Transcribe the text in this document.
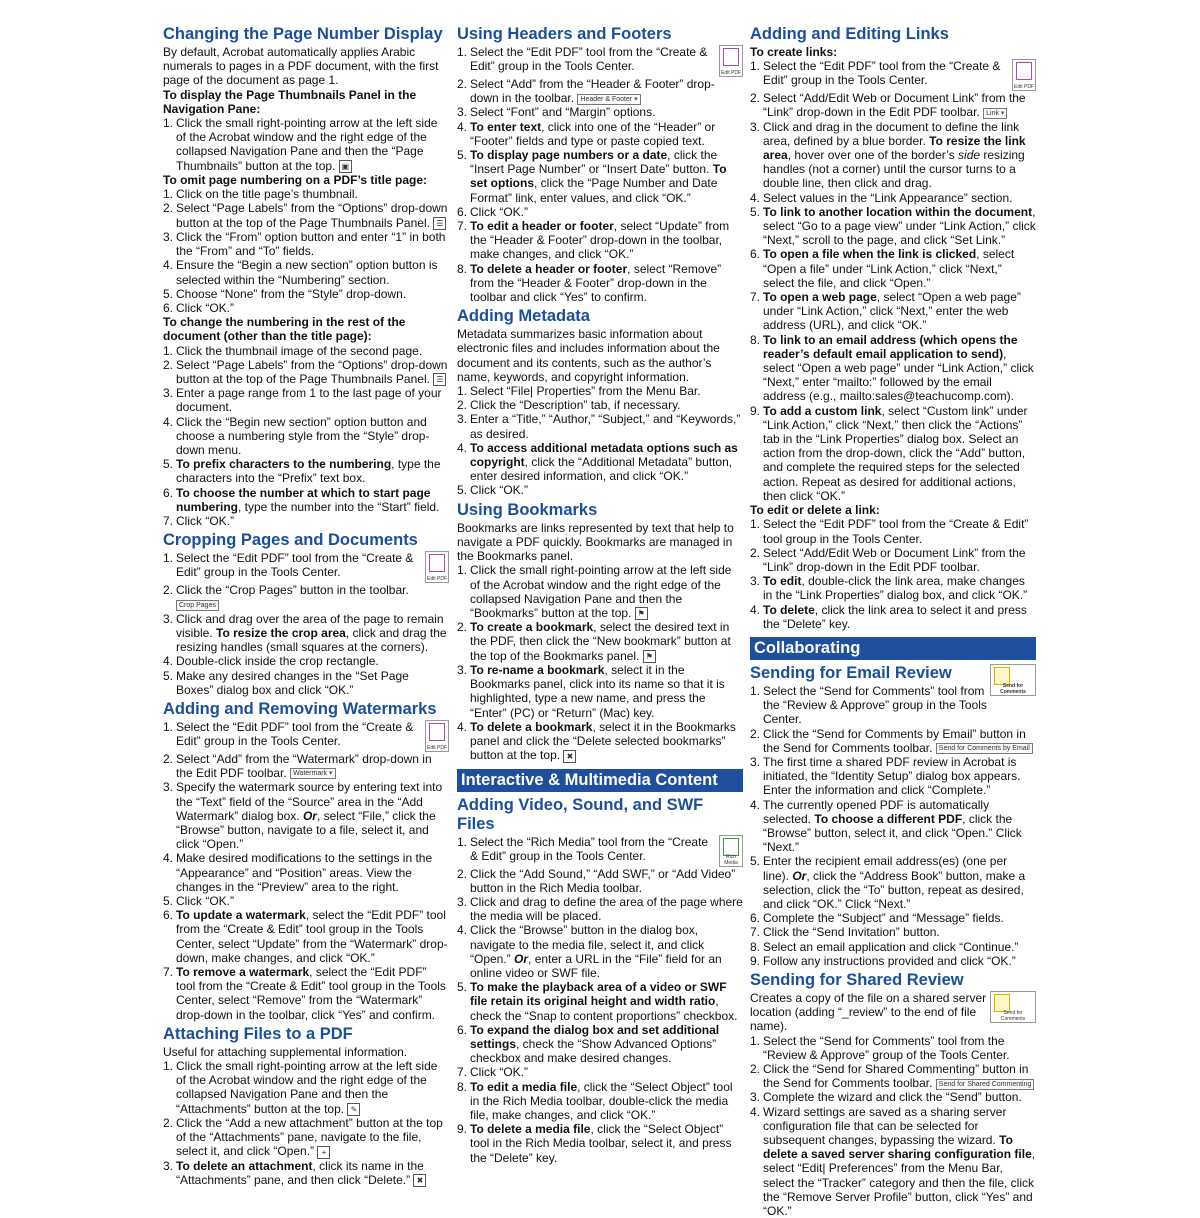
Changing the Page Number Display

By default, Acrobat automatically applies Arabic numerals to pages in a PDF document, with the first page of the document as page 1.

To display the Page Thumbnails Panel in the Navigation Pane:

1. Click the small right-pointing arrow at the left side of the Acrobat window and the right edge of the collapsed Navigation Pane and then the “Page Thumbnails” button at the top. ▣

To omit page numbering on a PDF’s title page:

1. Click on the title page’s thumbnail.
2. Select “Page Labels” from the “Options” drop-down button at the top of the Page Thumbnails Panel. ☰
3. Click the “From” option button and enter “1” in both the “From” and “To” fields.
4. Ensure the “Begin a new section” option button is selected within the “Numbering” section.
5. Choose “None” from the “Style” drop-down.
6. Click “OK.”

To change the numbering in the rest of the document (other than the title page):

1. Click the thumbnail image of the second page.
2. Select “Page Labels” from the “Options” drop-down button at the top of the Page Thumbnails Panel. ☰
3. Enter a page range from 1 to the last page of your document.
4. Click the “Begin new section” option button and choose a numbering style from the “Style” drop-down menu.
5. To prefix characters to the numbering, type the characters into the “Prefix” text box.
6. To choose the number at which to start page numbering, type the number into the “Start” field.
7. Click “OK.”
Cropping Pages and Documents
1.
Edit PDF
Select the “Edit PDF” tool from the “Create & Edit” group in the Tools Center.
2. Click the “Crop Pages” button in the toolbar.Crop Pages
3. Click and drag over the area of the page to remain visible. To resize the crop area, click and drag the resizing handles (small squares at the corners).
4. Double-click inside the crop rectangle.
5. Make any desired changes in the “Set Page Boxes” dialog box and click “OK.”
Adding and Removing Watermarks
1.
Edit PDF
Select the “Edit PDF” tool from the “Create & Edit” group in the Tools Center.
2. Select “Add” from the “Watermark” drop-down in the Edit PDF toolbar. Watermark ▾
3. Specify the watermark source by entering text into the “Text” field of the “Source” area in the “Add Watermark” dialog box. Or, select “File,” click the “Browse” button, navigate to a file, select it, and click “Open.”
4. Make desired modifications to the settings in the “Appearance” and “Position” areas. View the changes in the “Preview” area to the right.
5. Click “OK.”
6. To update a watermark, select the “Edit PDF” tool from the “Create & Edit” tool group in the Tools Center, select “Update” from the “Watermark” drop-down, make changes, and click “OK.”
7. To remove a watermark, select the “Edit PDF” tool from the “Create & Edit” tool group in the Tools Center, select “Remove” from the “Watermark” drop-down in the toolbar, click “Yes” and confirm.
Attaching Files to a PDF

Useful for attaching supplemental information.

1. Click the small right-pointing arrow at the left side of the Acrobat window and the right edge of the collapsed Navigation Pane and then the “Attachments” button at the top. ✎
2. Click the “Add a new attachment” button at the top of the “Attachments” pane, navigate to the file, select it, and click “Open.” +
3. To delete an attachment, click its name in the “Attachments” pane, and then click “Delete.” ✖
Using Headers and Footers
1.
Edit PDF
Select the “Edit PDF” tool from the “Create & Edit” group in the Tools Center.
2. Select “Add” from the “Header & Footer” drop-down in the toolbar. Header & Footer ▾
3. Select “Font” and “Margin” options.
4. To enter text, click into one of the “Header” or “Footer” fields and type or paste copied text.
5. To display page numbers or a date, click the “Insert Page Number” or “Insert Date” button. To set options, click the “Page Number and Date Format” link, enter values, and click “OK.”
6. Click “OK.”
7. To edit a header or footer, select “Update” from the “Header & Footer” drop-down in the toolbar, make changes, and click “OK.”
8. To delete a header or footer, select “Remove” from the “Header & Footer” drop-down in the toolbar and click “Yes” to confirm.
Adding Metadata

Metadata summarizes basic information about electronic files and includes information about the document and its contents, such as the author’s name, keywords, and copyright information.

1. Select “File| Properties” from the Menu Bar.
2. Click the “Description” tab, if necessary.
3. Enter a “Title,” “Author,” “Subject,” and “Keywords,” as desired.
4. To access additional metadata options such as copyright, click the “Additional Metadata” button, enter desired information, and click “OK.”
5. Click “OK.”
Using Bookmarks

Bookmarks are links represented by text that help to navigate a PDF quickly. Bookmarks are managed in the Bookmarks panel.

1. Click the small right-pointing arrow at the left side of the Acrobat window and the right edge of the collapsed Navigation Pane and then the “Bookmarks” button at the top. ⚑
2. To create a bookmark, select the desired text in the PDF, then click the “New bookmark” button at the top of the Bookmarks panel. ⚑
3. To re-name a bookmark, select it in the Bookmarks panel, click into its name so that it is highlighted, type a new name, and press the “Enter” (PC) or “Return” (Mac) key.
4. To delete a bookmark, select it in the Bookmarks panel and click the “Delete selected bookmarks” button at the top. ✖
Interactive & Multimedia Content
Adding Video, Sound, and SWF Files
1.
Rich Media
Select the “Rich Media” tool from the “Create & Edit” group in the Tools Center.
2. Click the “Add Sound,” “Add SWF,” or “Add Video” button in the Rich Media toolbar.
3. Click and drag to define the area of the page where the media will be placed.
4. Click the “Browse” button in the dialog box, navigate to the media file, select it, and click “Open.” Or, enter a URL in the “File” field for an online video or SWF file.
5. To make the playback area of a video or SWF file retain its original height and width ratio, check the “Snap to content proportions” checkbox.
6. To expand the dialog box and set additional settings, check the “Show Advanced Options” checkbox and make desired changes.
7. Click “OK.”
8. To edit a media file, click the “Select Object” tool in the Rich Media toolbar, double-click the media file, make changes, and click “OK.”
9. To delete a media file, click the “Select Object” tool in the Rich Media toolbar, select it, and press the “Delete” key.
Adding and Editing Links

To create links:

1.
Edit PDF
Select the “Edit PDF” tool from the “Create & Edit” group in the Tools Center.
2. Select “Add/Edit Web or Document Link” from the “Link” drop-down in the Edit PDF toolbar. Link ▾
3. Click and drag in the document to define the link area, defined by a blue border. To resize the link area, hover over one of the border’s side resizing handles (not a corner) until the cursor turns to a double line, then click and drag.
4. Select values in the “Link Appearance” section.
5. To link to another location within the document, select “Go to a page view” under “Link Action,” click “Next,” scroll to the page, and click “Set Link.”
6. To open a file when the link is clicked, select “Open a file” under “Link Action,” click “Next,” select the file, and click “Open.”
7. To open a web page, select “Open a web page” under “Link Action,” click “Next,” enter the web address (URL), and click “OK.”
8. To link to an email address (which opens the reader’s default email application to send), select “Open a web page” under “Link Action,” click “Next,” enter “mailto:” followed by the email address (e.g., mailto:sales@teachucomp.com).
9. To add a custom link, select “Custom link” under “Link Action,” click “Next,” then click the “Actions” tab in the “Link Properties” dialog box. Select an action from the drop-down, click the “Add” button, and complete the required steps for the selected action. Repeat as desired for additional actions, then click “OK.”

To edit or delete a link:

1. Select the “Edit PDF” tool from the “Create & Edit” tool group in the Tools Center.
2. Select “Add/Edit Web or Document Link” from the “Link” drop-down in the Edit PDF toolbar.
3. To edit, double-click the link area, make changes in the “Link Properties” dialog box, and click “OK.”
4. To delete, click the link area to select it and press the “Delete” key.
Collaborating
Send for Comments
Sending for Email Review
1. Select the “Send for Comments” tool from the “Review & Approve” group in the Tools Center.
2. Click the “Send for Comments by Email” button in the Send for Comments toolbar. Send for Comments by Email
3. The first time a shared PDF review in Acrobat is initiated, the “Identity Setup” dialog box appears. Enter the information and click “Complete.”
4. The currently opened PDF is automatically selected. To choose a different PDF, click the “Browse” button, select it, and click “Open.” Click “Next.”
5. Enter the recipient email address(es) (one per line). Or, click the “Address Book” button, make a selection, click the “To” button, repeat as desired, and click “OK.” Click “Next.”
6. Complete the “Subject” and “Message” fields.
7. Click the “Send Invitation” button.
8. Select an email application and click “Continue.”
9. Follow any instructions provided and click “OK.”
Sending for Shared Review

Send for Comments
Creates a copy of the file on a shared server location (adding “_review” to the end of file name).

1. Select the “Send for Comments” tool from the “Review & Approve” group of the Tools Center.
2. Click the “Send for Shared Commenting” button in the Send for Comments toolbar. Send for Shared Commenting
3. Complete the wizard and click the “Send” button.
4. Wizard settings are saved as a sharing server configuration file that can be selected for subsequent changes, bypassing the wizard. To delete a saved server sharing configuration file, select “Edit| Preferences” from the Menu Bar, select the “Tracker” category and then the file, click the “Remove Server Profile” button, click “Yes” and “OK.”
